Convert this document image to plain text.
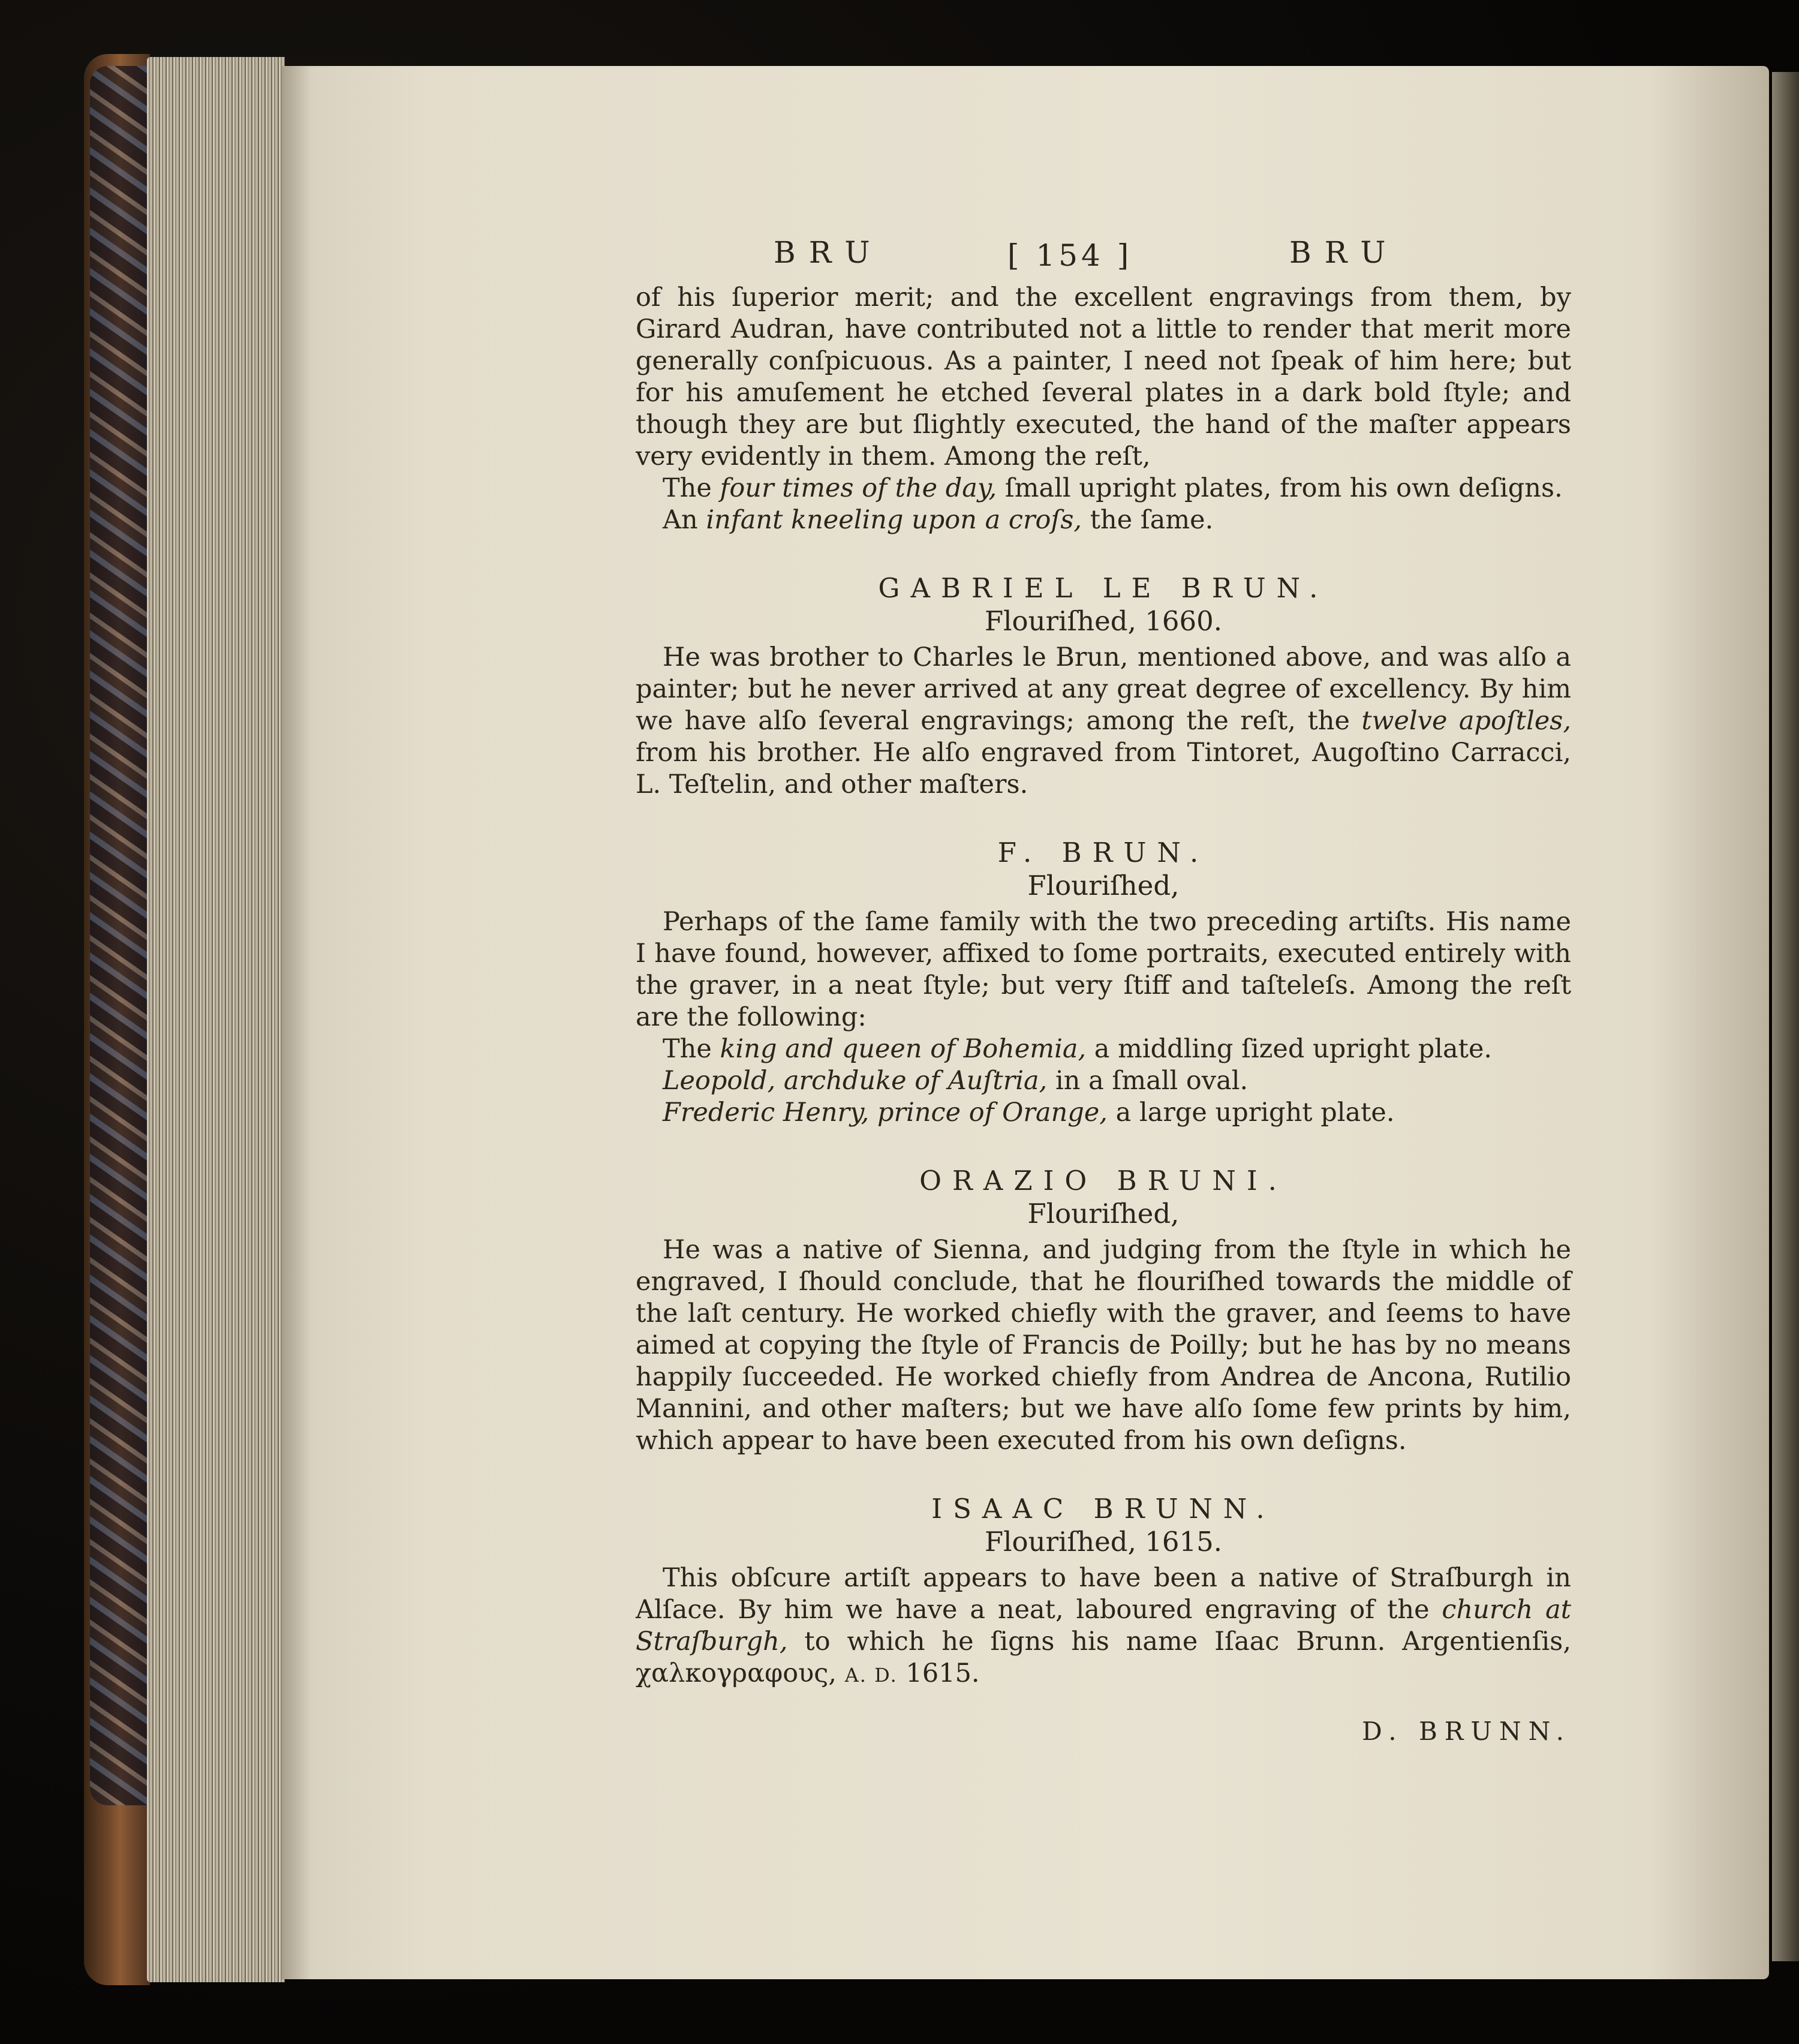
BRU	[ 154 ]	BRU

of his ſuperior merit; and the excellent engravings from them, by Girard Audran, have contributed not a little to render that merit more generally conſpicuous. As a painter, I need not ſpeak of him here; but for his amuſement he etched ſeveral plates in a dark bold ſtyle; and though they are but ſlightly executed, the hand of the maſter appears very evidently in them. Among the reſt,

The four times of the day, ſmall upright plates, from his own deſigns.

An infant kneeling upon a croſs, the ſame.

GABRIEL LE BRUN.
Flouriſhed, 1660.

He was brother to Charles le Brun, mentioned above, and was alſo a painter; but he never arrived at any great degree of excellency. By him we have alſo ſeveral engravings; among the reſt, the twelve apoſtles, from his brother. He alſo engraved from Tintoret, Augoſtino Carracci, L. Teſtelin, and other maſters.

F. BRUN.
Flouriſhed,

Perhaps of the ſame family with the two preceding artiſts. His name I have found, however, affixed to ſome portraits, executed entirely with the graver, in a neat ſtyle; but very ſtiff and taſteleſs. Among the reſt are the following:

The king and queen of Bohemia, a middling ſized upright plate.

Leopold, archduke of Auſtria, in a ſmall oval.

Frederic Henry, prince of Orange, a large upright plate.

ORAZIO BRUNI.
Flouriſhed,

He was a native of Sienna, and judging from the ſtyle in which he engraved, I ſhould conclude, that he flouriſhed towards the middle of the laſt century. He worked chiefly with the graver, and ſeems to have aimed at copying the ſtyle of Francis de Poilly; but he has by no means happily ſucceeded. He worked chiefly from Andrea de Ancona, Rutilio Mannini, and other maſters; but we have alſo ſome few prints by him, which appear to have been executed from his own deſigns.

ISAAC BRUNN.
Flouriſhed, 1615.

This obſcure artiſt appears to have been a native of Straſburgh in Alſace. By him we have a neat, laboured engraving of the church at Straſburgh, to which he ſigns his name Iſaac Brunn. Argentienſis, χαλκογραφους, A. D. 1615.

D. BRUNN.
